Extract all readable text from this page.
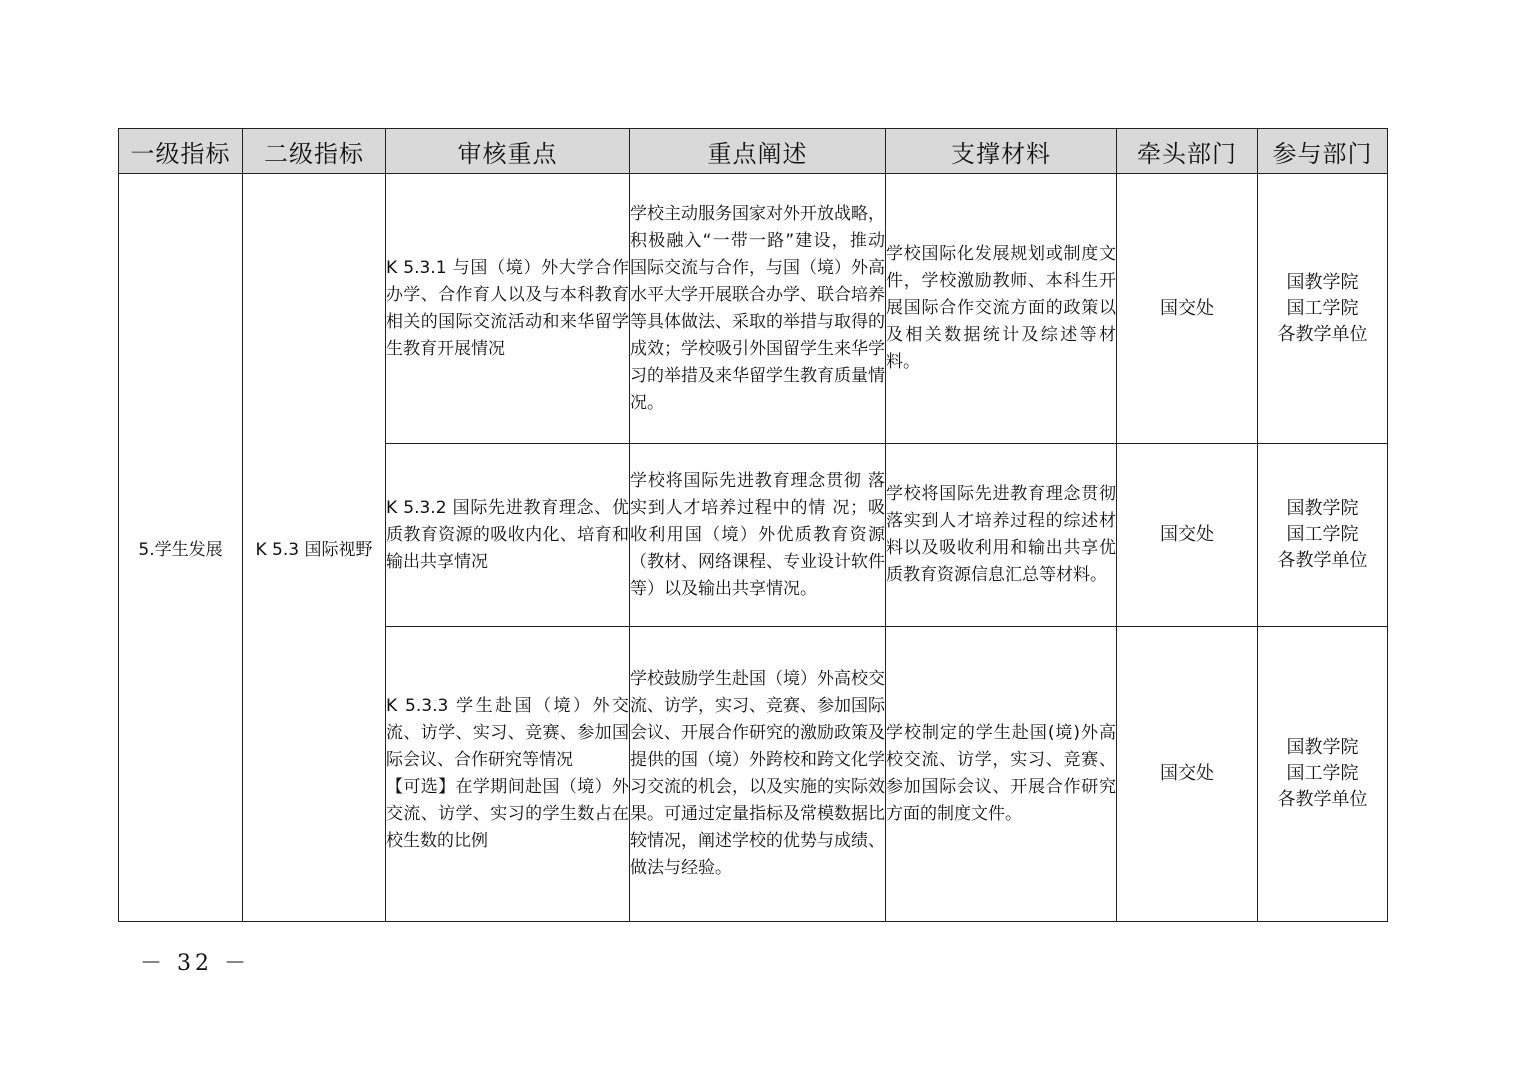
一级指标	二级指标	审核重点	重点阐述	支撑材料	牵头部门	参与部门
5.学生发展	K 5.3 国际视野	K 5.3.1 与国（境）外大学合作办学、合作育人以及与本科教育相关的国际交流活动和来华留学生教育开展情况	学校主动服务国家对外开放战略，积极融入“一带一路”建设，推动国际交流与合作，与国（境）外高水平大学开展联合办学、联合培养等具体做法、采取的举措与取得的成效；学校吸引外国留学生来华学习的举措及来华留学生教育质量情况。	学校国际化发展规划或制度文件，学校激励教师、本科生开展国际合作交流方面的政策以及相关数据统计及综述等材料。	国交处	国教学院
国工学院
各教学单位

		K 5.3.2 国际先进教育理念、优质教育资源的吸收内化、培育和输出共享情况	学校将国际先进教育理念贯彻 落实到人才培养过程中的情 况；吸收利用国（境）外优质教育资源（教材、网络课程、专业设计软件等）以及输出共享情况。	学校将国际先进教育理念贯彻落实到人才培养过程的综述材料以及吸收利用和输出共享优质教育资源信息汇总等材料。	国交处	国教学院
国工学院
各教学单位

		K 5.3.3 学生赴国（境）外交流、访学、实习、竞赛、参加国际会议、合作研究等情况
【可选】在学期间赴国（境）外交流、访学、实习的学生数占在校生数的比例	学校鼓励学生赴国（境）外高校交流、访学，实习、竞赛、参加国际会议、开展合作研究的激励政策及提供的国（境）外跨校和跨文化学习交流的机会，以及实施的实际效果。可通过定量指标及常模数据比较情况，阐述学校的优势与成绩、做法与经验。	学校制定的学生赴国(境)外高校交流、访学，实习、竞赛、参加国际会议、开展合作研究方面的制度文件。	国交处	国教学院
国工学院
各教学单位
－ 32 －
